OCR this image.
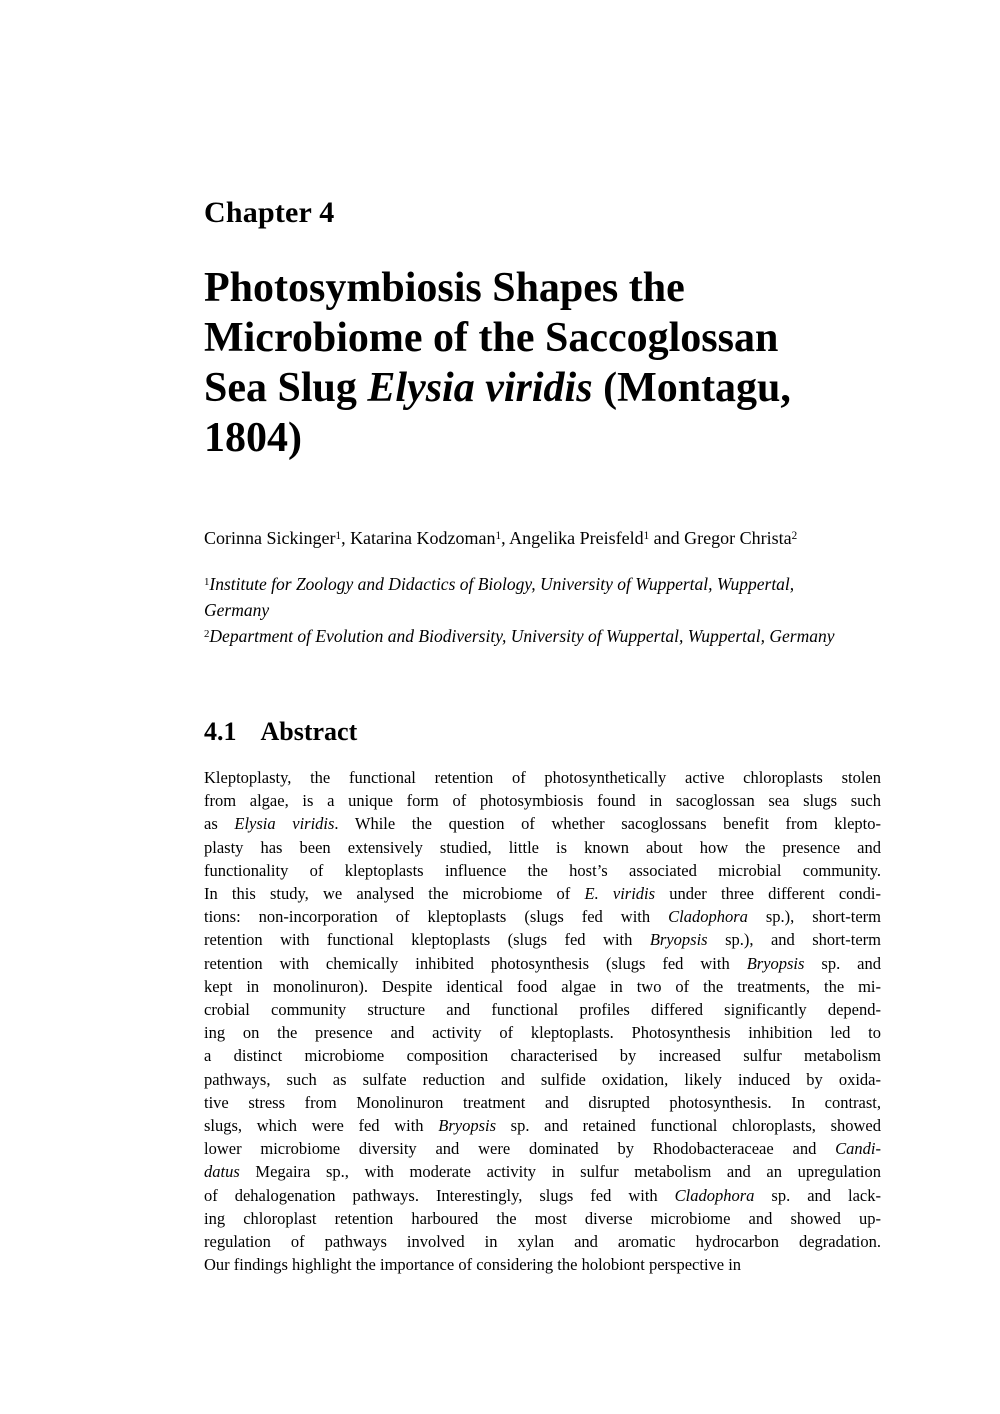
Chapter 4
Photosymbiosis Shapes the
Microbiome of the Saccoglossan
Sea Slug Elysia viridis (Montagu,
1804)
Corinna Sickinger$^1$, Katarina Kodzoman$^1$, Angelika Preisfeld$^1$ and Gregor Christa$^2$
$^1$Institute for Zoology and Didactics of Biology, University of Wuppertal, Wuppertal,
Germany
$^2$Department of Evolution and Biodiversity, University of Wuppertal, Wuppertal, Germany
4.1 Abstract
Kleptoplasty, the functional retention of photosynthetically active chloroplasts stolen
from algae, is a unique form of photosymbiosis found in sacoglossan sea slugs such
as Elysia viridis. While the question of whether sacoglossans benefit from klepto-
plasty has been extensively studied, little is known about how the presence and
functionality of kleptoplasts influence the host’s associated microbial community.
In this study, we analysed the microbiome of E. viridis under three different condi-
tions: non-incorporation of kleptoplasts (slugs fed with Cladophora sp.), short-term
retention with functional kleptoplasts (slugs fed with Bryopsis sp.), and short-term
retention with chemically inhibited photosynthesis (slugs fed with Bryopsis sp. and
kept in monolinuron). Despite identical food algae in two of the treatments, the mi-
crobial community structure and functional profiles differed significantly depend-
ing on the presence and activity of kleptoplasts. Photosynthesis inhibition led to
a distinct microbiome composition characterised by increased sulfur metabolism
pathways, such as sulfate reduction and sulfide oxidation, likely induced by oxida-
tive stress from Monolinuron treatment and disrupted photosynthesis. In contrast,
slugs, which were fed with Bryopsis sp. and retained functional chloroplasts, showed
lower microbiome diversity and were dominated by Rhodobacteraceae and Candi-
datus Megaira sp., with moderate activity in sulfur metabolism and an upregulation
of dehalogenation pathways. Interestingly, slugs fed with Cladophora sp. and lack-
ing chloroplast retention harboured the most diverse microbiome and showed up-
regulation of pathways involved in xylan and aromatic hydrocarbon degradation.
Our findings highlight the importance of considering the holobiont perspective in
